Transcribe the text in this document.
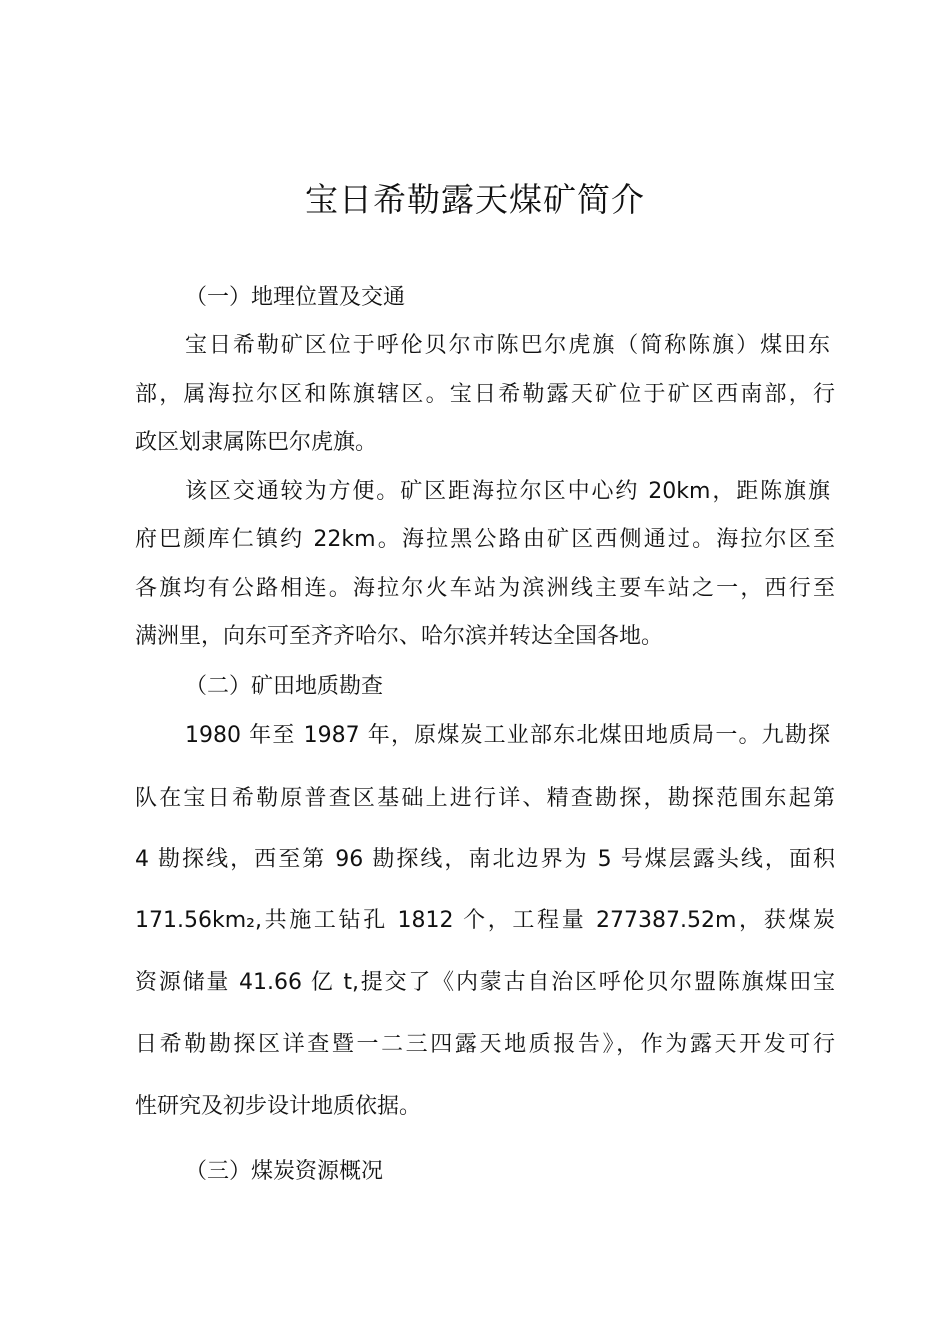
宝日希勒露天煤矿简介
（一）地理位置及交通

宝日希勒矿区位于呼伦贝尔市陈巴尔虎旗（简称陈旗）煤田东

部，属海拉尔区和陈旗辖区。宝日希勒露天矿位于矿区西南部，行

政区划隶属陈巴尔虎旗。

该区交通较为方便。矿区距海拉尔区中心约 20km，距陈旗旗

府巴颜库仁镇约 22km。海拉黑公路由矿区西侧通过。海拉尔区至

各旗均有公路相连。海拉尔火车站为滨洲线主要车站之一，西行至

满洲里，向东可至齐齐哈尔、哈尔滨并转达全国各地。

（二）矿田地质勘查

1980 年至 1987 年，原煤炭工业部东北煤田地质局一。九勘探

队在宝日希勒原普查区基础上进行详、精查勘探，勘探范围东起第

4 勘探线，西至第 96 勘探线，南北边界为 5 号煤层露头线，面积

171.56km₂,共施工钻孔 1812 个，工程量 277387.52m，获煤炭

资源储量 41.66 亿 t,提交了《内蒙古自治区呼伦贝尔盟陈旗煤田宝

日希勒勘探区详查暨一二三四露天地质报告》，作为露天开发可行

性研究及初步设计地质依据。

（三）煤炭资源概况
